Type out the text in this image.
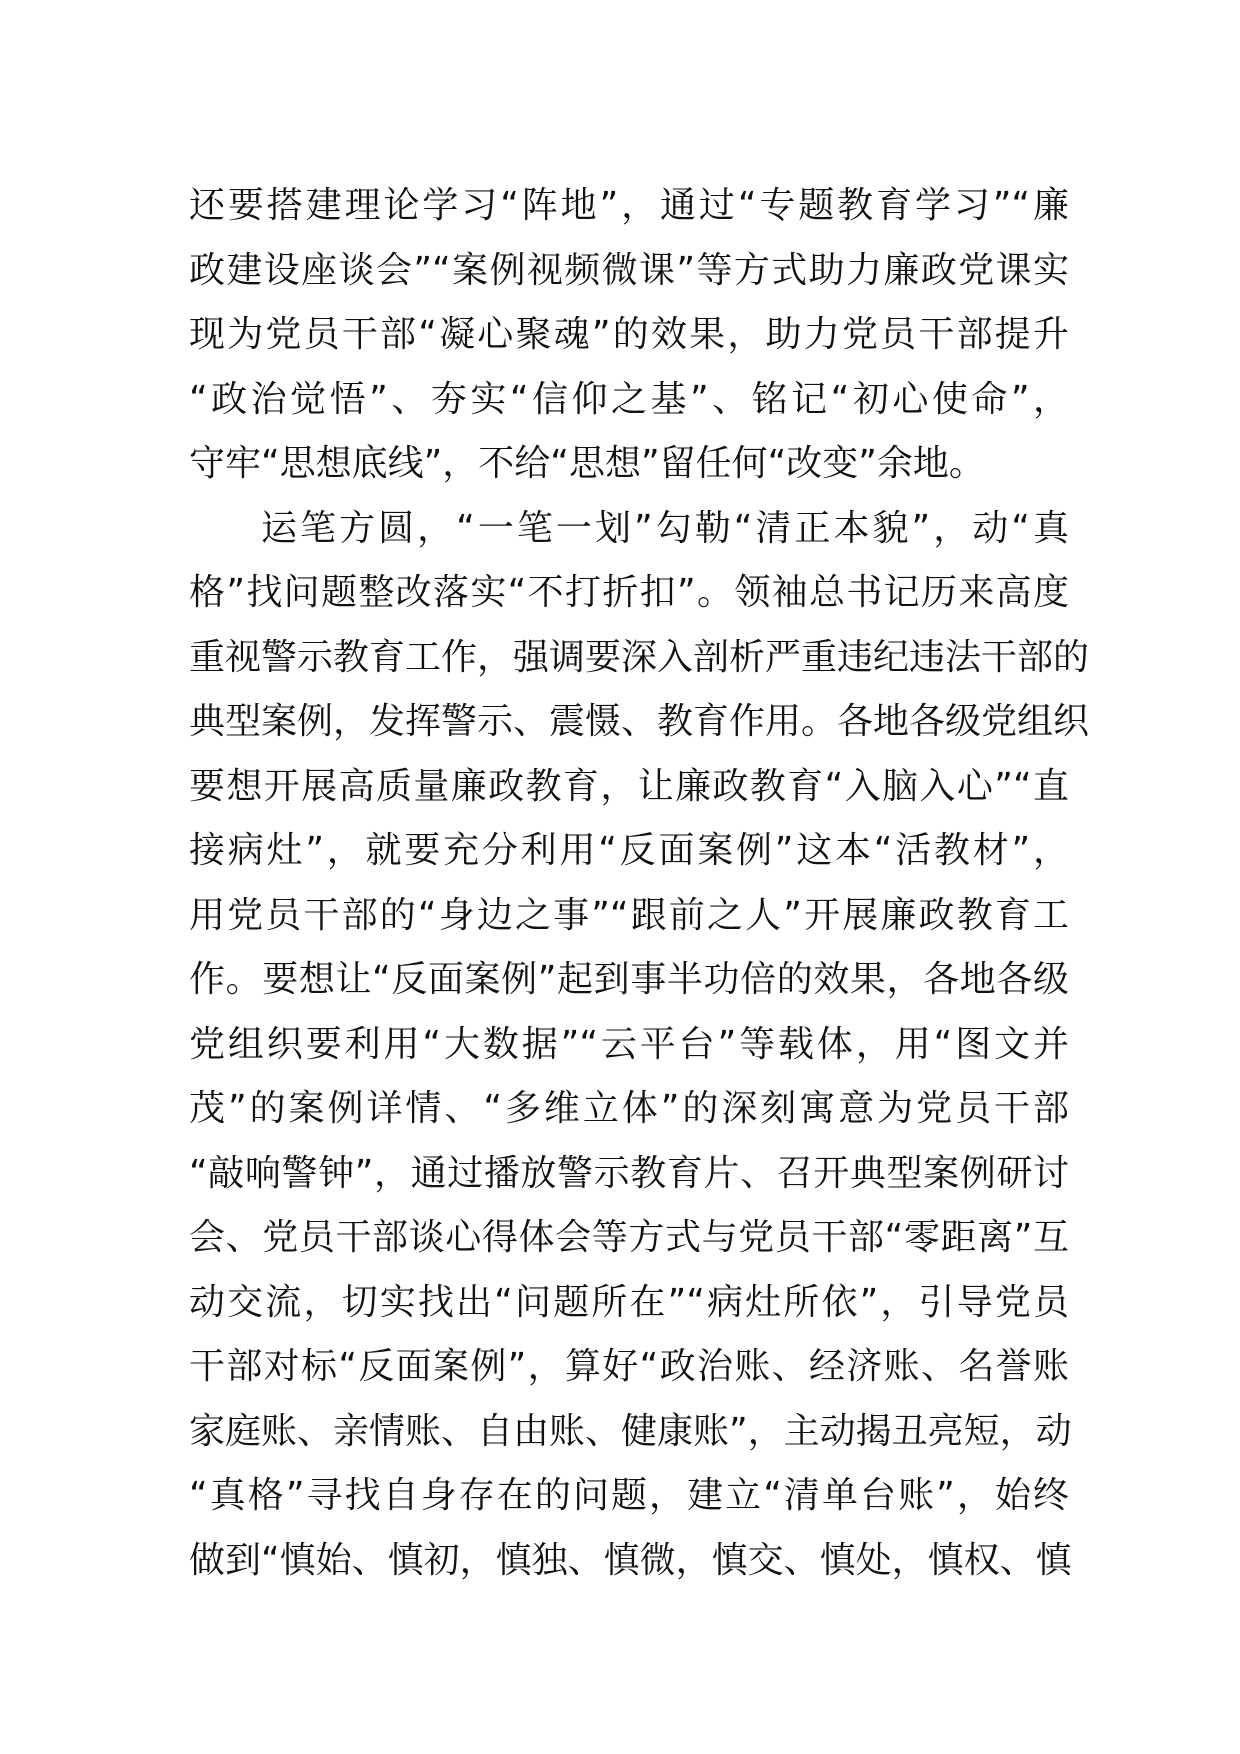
还要搭建理论学习“阵地”，通过“专题教育学习”“廉
政建设座谈会”“案例视频微课”等方式助力廉政党课实
现为党员干部“凝心聚魂”的效果，助力党员干部提升
“政治觉悟”、夯实“信仰之基”、铭记“初心使命”，
守牢“思想底线”，不给“思想”留任何“改变”余地。
运笔方圆，“一笔一划”勾勒“清正本貌”，动“真
格”找问题整改落实“不打折扣”。领袖总书记历来高度
重视警示教育工作，强调要深入剖析严重违纪违法干部的
典型案例，发挥警示、震慑、教育作用。各地各级党组织
要想开展高质量廉政教育，让廉政教育“入脑入心”“直
接病灶”，就要充分利用“反面案例”这本“活教材”，
用党员干部的“身边之事”“跟前之人”开展廉政教育工
作。要想让“反面案例”起到事半功倍的效果，各地各级
党组织要利用“大数据”“云平台”等载体，用“图文并
茂”的案例详情、“多维立体”的深刻寓意为党员干部
“敲响警钟”，通过播放警示教育片、召开典型案例研讨
会、党员干部谈心得体会等方式与党员干部“零距离”互
动交流，切实找出“问题所在”“病灶所依”，引导党员
干部对标“反面案例”，算好“政治账、经济账、名誉账
家庭账、亲情账、自由账、健康账”，主动揭丑亮短，动
“真格”寻找自身存在的问题，建立“清单台账”，始终
做到“慎始、慎初，慎独、慎微，慎交、慎处，慎权、慎
